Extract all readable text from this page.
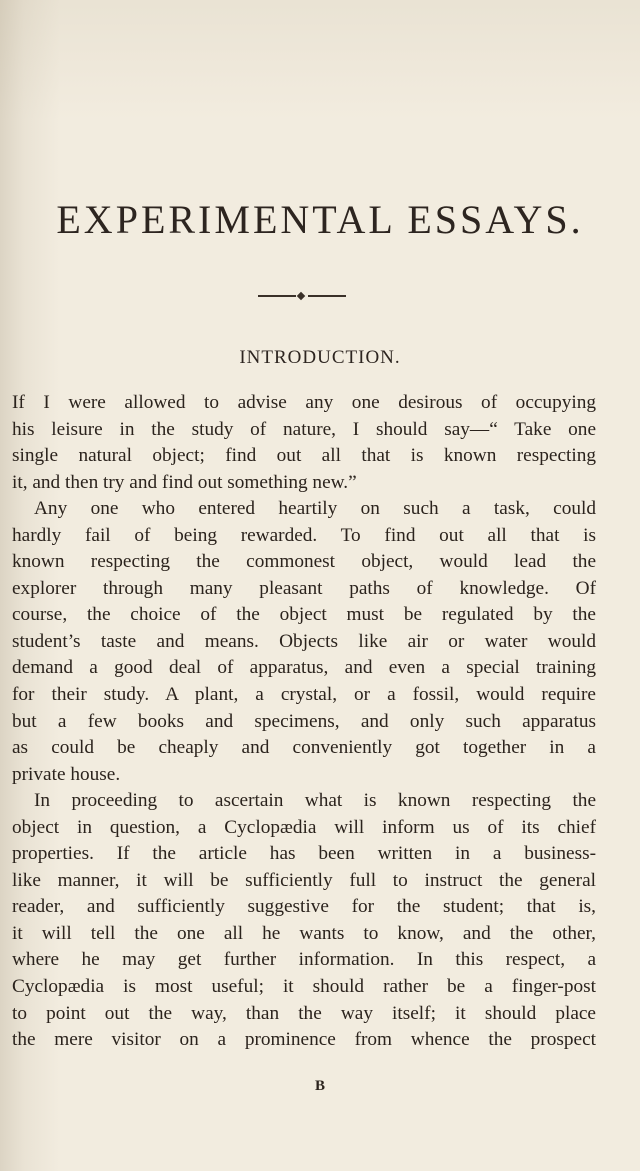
EXPERIMENTAL ESSAYS.
INTRODUCTION.
If I were allowed to advise any one desirous of occupying
his leisure in the study of nature, I should say—“ Take one
single natural object; find out all that is known respecting
it, and then try and find out something new.”
Any one who entered heartily on such a task, could
hardly fail of being rewarded. To find out all that is
known respecting the commonest object, would lead the
explorer through many pleasant paths of knowledge. Of
course, the choice of the object must be regulated by the
student’s taste and means. Objects like air or water would
demand a good deal of apparatus, and even a special training
for their study. A plant, a crystal, or a fossil, would require
but a few books and specimens, and only such apparatus
as could be cheaply and conveniently got together in a
private house.
In proceeding to ascertain what is known respecting the
object in question, a Cyclopædia will inform us of its chief
properties. If the article has been written in a business-
like manner, it will be sufficiently full to instruct the general
reader, and sufficiently suggestive for the student; that is,
it will tell the one all he wants to know, and the other,
where he may get further information. In this respect, a
Cyclopædia is most useful; it should rather be a finger-post
to point out the way, than the way itself; it should place
the mere visitor on a prominence from whence the prospect
B
